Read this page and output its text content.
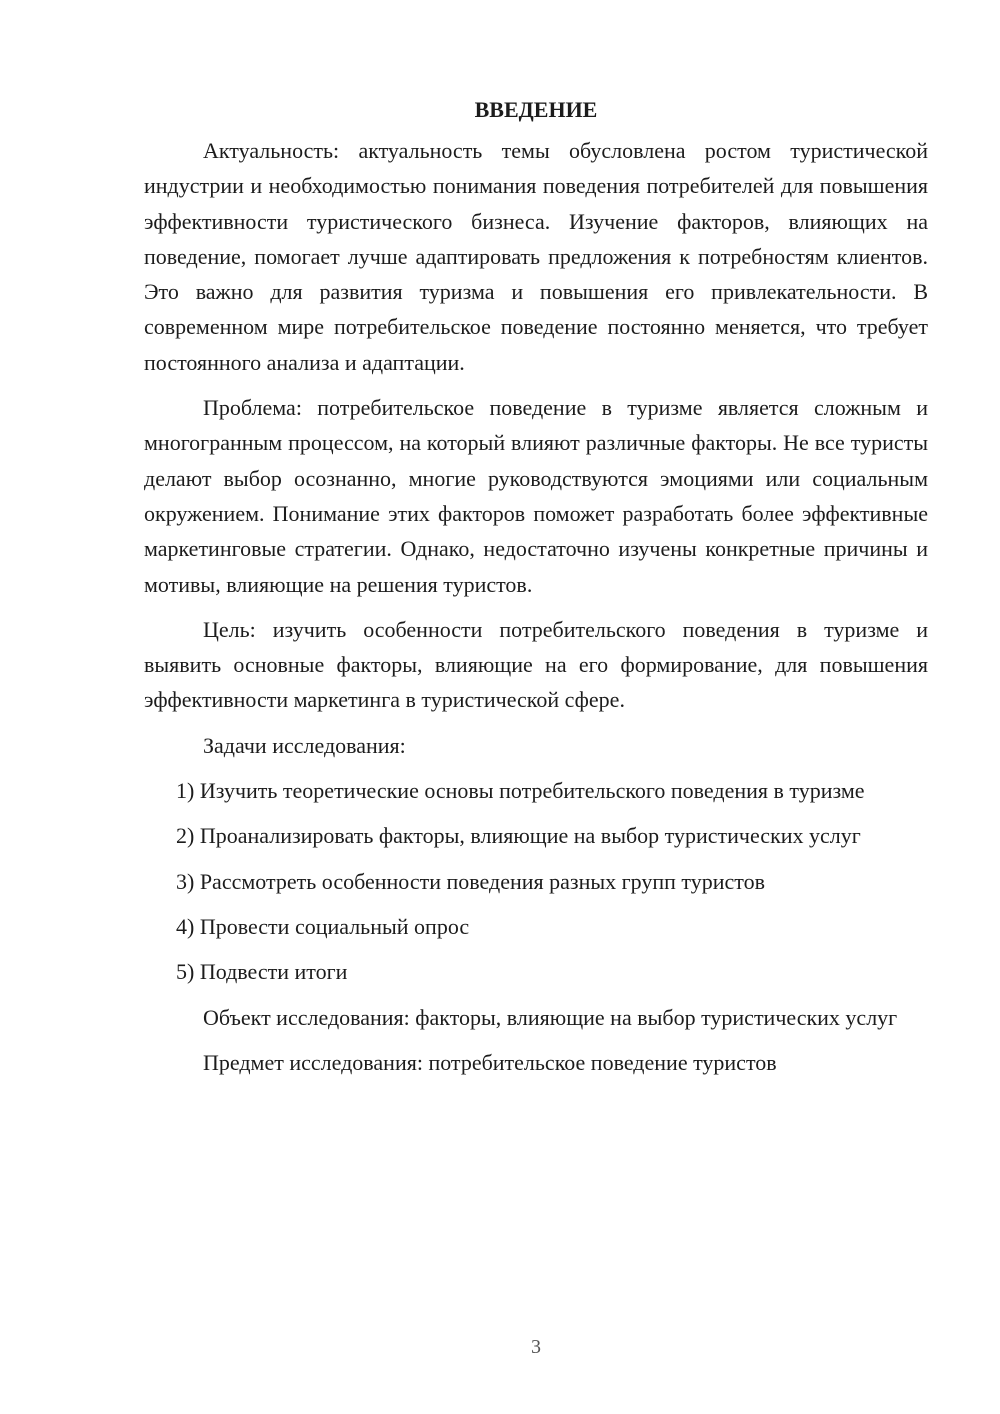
ВВЕДЕНИЕ

Актуальность: актуальность темы обусловлена ростом туристической индустрии и необходимостью понимания поведения потребителей для повышения эффективности туристического бизнеса. Изучение факторов, влияющих на поведение, помогает лучше адаптировать предложения к потребностям клиентов. Это важно для развития туризма и повышения его привлекательности. В современном мире потребительское поведение постоянно меняется, что требует постоянного анализа и адаптации.

Проблема: потребительское поведение в туризме является сложным и многогранным процессом, на который влияют различные факторы. Не все туристы делают выбор осознанно, многие руководствуются эмоциями или социальным окружением. Понимание этих факторов поможет разработать более эффективные маркетинговые стратегии. Однако, недостаточно изучены конкретные причины и мотивы, влияющие на решения туристов.

Цель: изучить особенности потребительского поведения в туризме и выявить основные факторы, влияющие на его формирование, для повышения эффективности маркетинга в туристической сфере.

Задачи исследования:

1) Изучить теоретические основы потребительского поведения в туризме

2) Проанализировать факторы, влияющие на выбор туристических услуг

3) Рассмотреть особенности поведения разных групп туристов

4) Провести социальный опрос

5) Подвести итоги

Объект исследования: факторы, влияющие на выбор туристических услуг

Предмет исследования: потребительское поведение туристов

3
